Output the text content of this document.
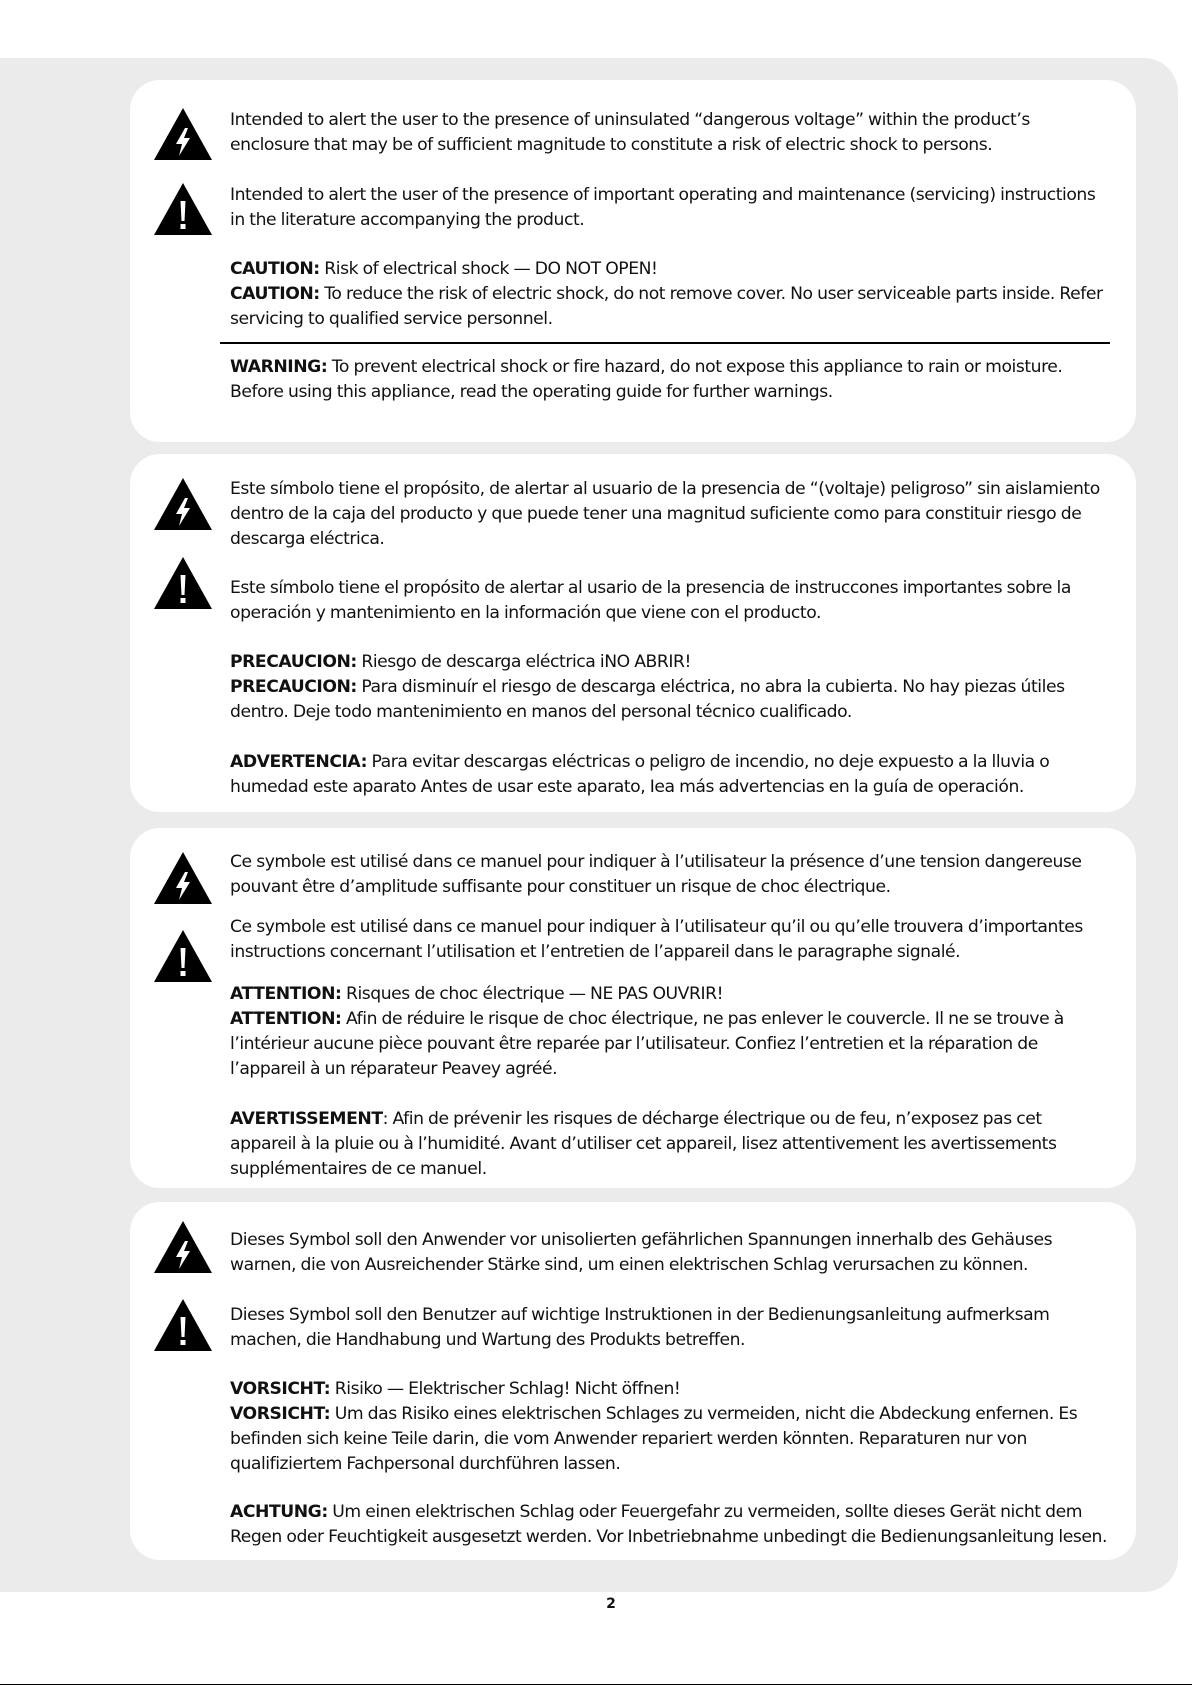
Intended to alert the user to the presence of uninsulated “dangerous voltage” within the product’s enclosure that may be of sufficient magnitude to constitute a risk of electric shock to persons.

Intended to alert the user of the presence of important operating and maintenance (servicing) instructions in the literature accompanying the product.

CAUTION: Risk of electrical shock — DO NOT OPEN!

CAUTION: To reduce the risk of electric shock, do not remove cover. No user serviceable parts inside. Refer servicing to qualified service personnel.

WARNING: To prevent electrical shock or fire hazard, do not expose this appliance to rain or moisture. Before using this appliance, read the operating guide for further warnings.

Este símbolo tiene el propósito, de alertar al usuario de la presencia de “(voltaje) peligroso” sin aislamiento dentro de la caja del producto y que puede tener una magnitud suficiente como para constituir riesgo de descarga eléctrica.

Este símbolo tiene el propósito de alertar al usario de la presencia de instruccones importantes sobre la operación y mantenimiento en la información que viene con el producto.

PRECAUCION: Riesgo de descarga eléctrica iNO ABRIR!

PRECAUCION: Para disminuír el riesgo de descarga eléctrica, no abra la cubierta. No hay piezas útiles dentro. Deje todo mantenimiento en manos del personal técnico cualificado.

ADVERTENCIA: Para evitar descargas eléctricas o peligro de incendio, no deje expuesto a la lluvia o humedad este aparato Antes de usar este aparato, Iea más advertencias en la guía de operación.

Ce symbole est utilisé dans ce manuel pour indiquer à l’utilisateur la présence d’une tension dangereuse pouvant être d’amplitude suffisante pour constituer un risque de choc électrique.

Ce symbole est utilisé dans ce manuel pour indiquer à l’utilisateur qu’il ou qu’elle trouvera d’importantes instructions concernant l’utilisation et l’entretien de l’appareil dans le paragraphe signalé.

ATTENTION: Risques de choc électrique — NE PAS OUVRIR!

ATTENTION: Afin de réduire le risque de choc électrique, ne pas enlever le couvercle. Il ne se trouve à l’intérieur aucune pièce pouvant être reparée par l’utilisateur. Confiez l’entretien et la réparation de l’appareil à un réparateur Peavey agréé.

AVERTISSEMENT: Afin de prévenir les risques de décharge électrique ou de feu, n’exposez pas cet appareil à la pluie ou à l’humidité. Avant d’utiliser cet appareil, lisez attentivement les avertissements supplémentaires de ce manuel.

Dieses Symbol soll den Anwender vor unisolierten gefährlichen Spannungen innerhalb des Gehäuses warnen, die von Ausreichender Stärke sind, um einen elektrischen Schlag verursachen zu können.

Dieses Symbol soll den Benutzer auf wichtige Instruktionen in der Bedienungsanleitung aufmerksam machen, die Handhabung und Wartung des Produkts betreffen.

VORSICHT: Risiko — Elektrischer Schlag! Nicht öffnen!

VORSICHT: Um das Risiko eines elektrischen Schlages zu vermeiden, nicht die Abdeckung enfernen. Es befinden sich keine Teile darin, die vom Anwender repariert werden könnten. Reparaturen nur von qualifiziertem Fachpersonal durchführen lassen.

ACHTUNG: Um einen elektrischen Schlag oder Feuergefahr zu vermeiden, sollte dieses Gerät nicht dem Regen oder Feuchtigkeit ausgesetzt werden. Vor Inbetriebnahme unbedingt die Bedienungsanleitung lesen.

2
